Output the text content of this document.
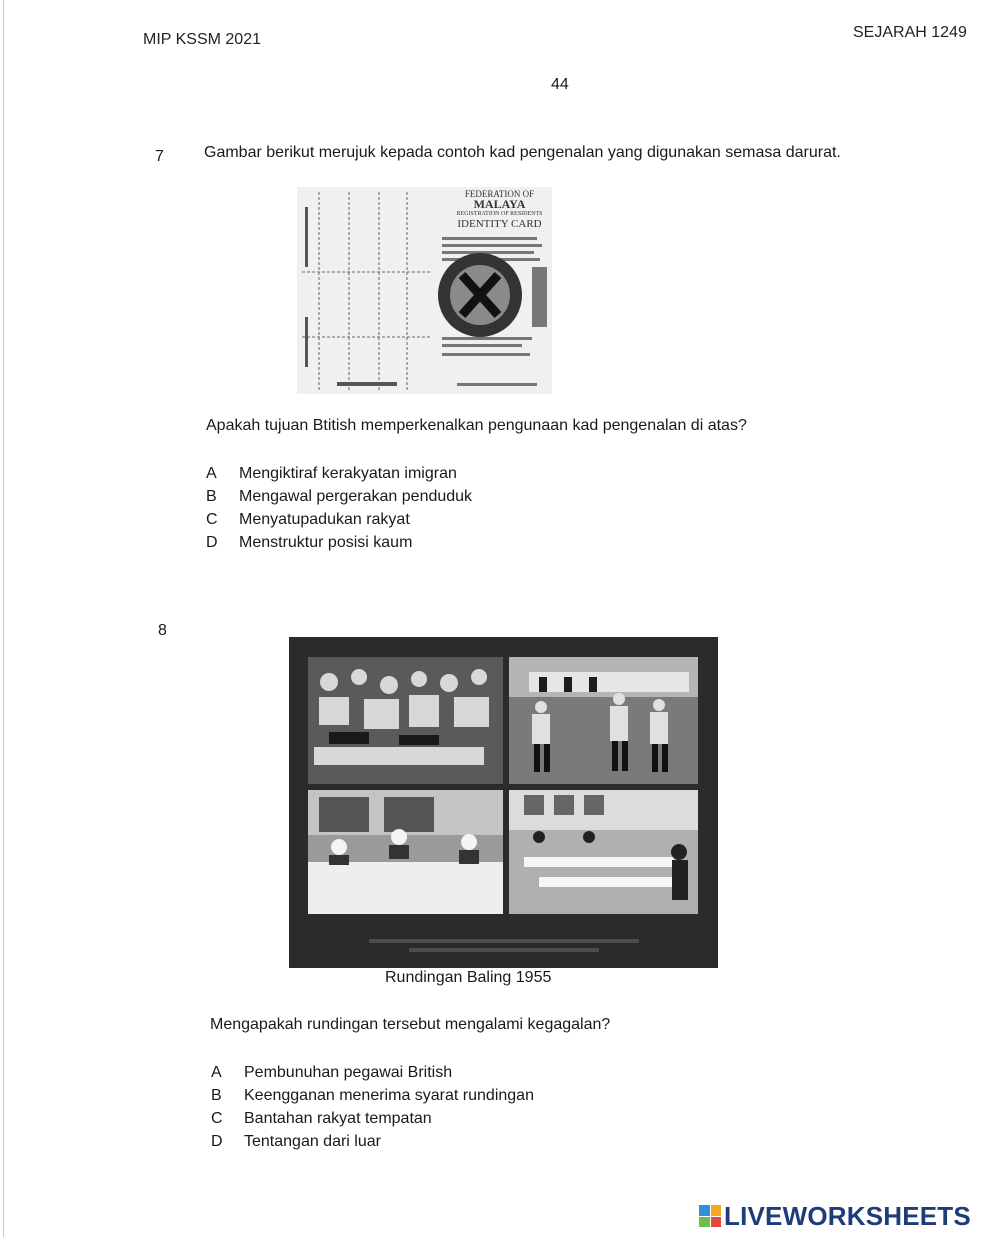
MIP KSSM 2021	SEJARAH 1249
44
7	Gambar berikut merujuk kepada contoh kad pengenalan yang digunakan semasa darurat.
FEDERATION OF
MALAYA
REGISTRATION OF RESIDENTS
IDENTITY CARD
Apakah tujuan Btitish memperkenalkan pengunaan kad pengenalan di atas?
A	Mengiktiraf kerakyatan imigran
B	Mengawal pergerakan penduduk
C	Menyatupadukan rakyat
D	Menstruktur posisi kaum
8
Rundingan Baling 1955
Mengapakah rundingan tersebut mengalami kegagalan?
A	Pembunuhan pegawai British
B	Keengganan menerima syarat rundingan
C	Bantahan rakyat tempatan
D	Tentangan dari luar
LIVEWORKSHEETS
